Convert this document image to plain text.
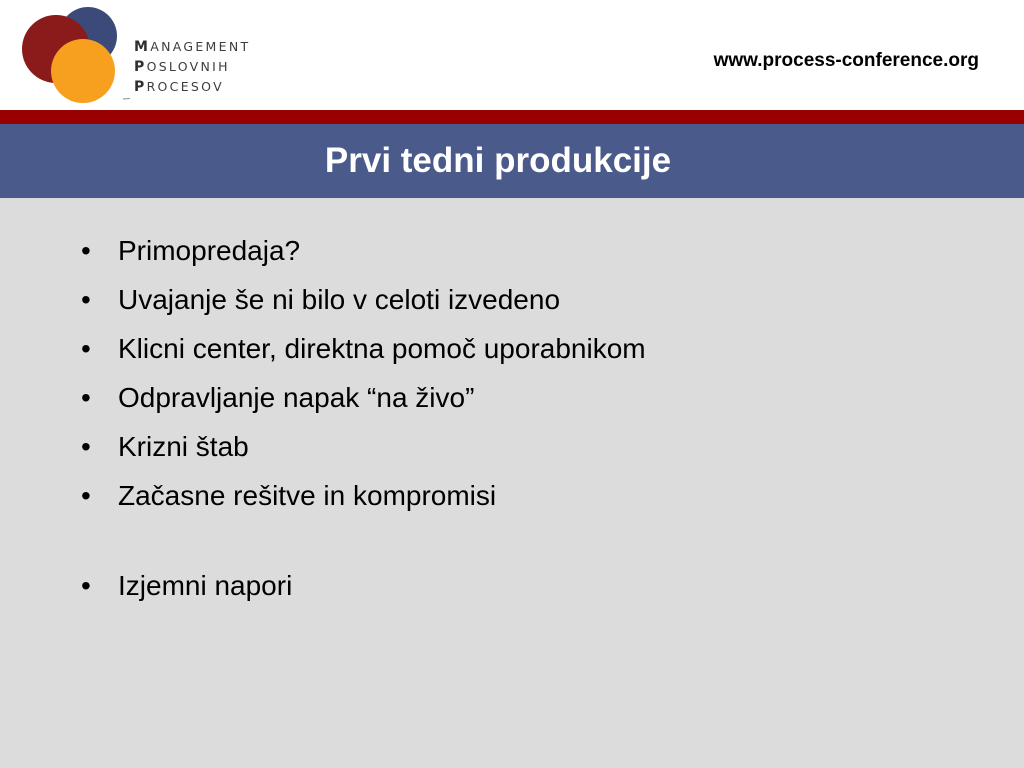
MANAGEMENT
POSLOVNIH
PROCESOV
www.process-conference.org
Prvi tedni produkcije
• Primopredaja?
• Uvajanje še ni bilo v celoti izvedeno
• Klicni center, direktna pomoč uporabnikom
• Odpravljanje napak “na živo”
• Krizni štab
• Začasne rešitve in kompromisi
• Izjemni napori
